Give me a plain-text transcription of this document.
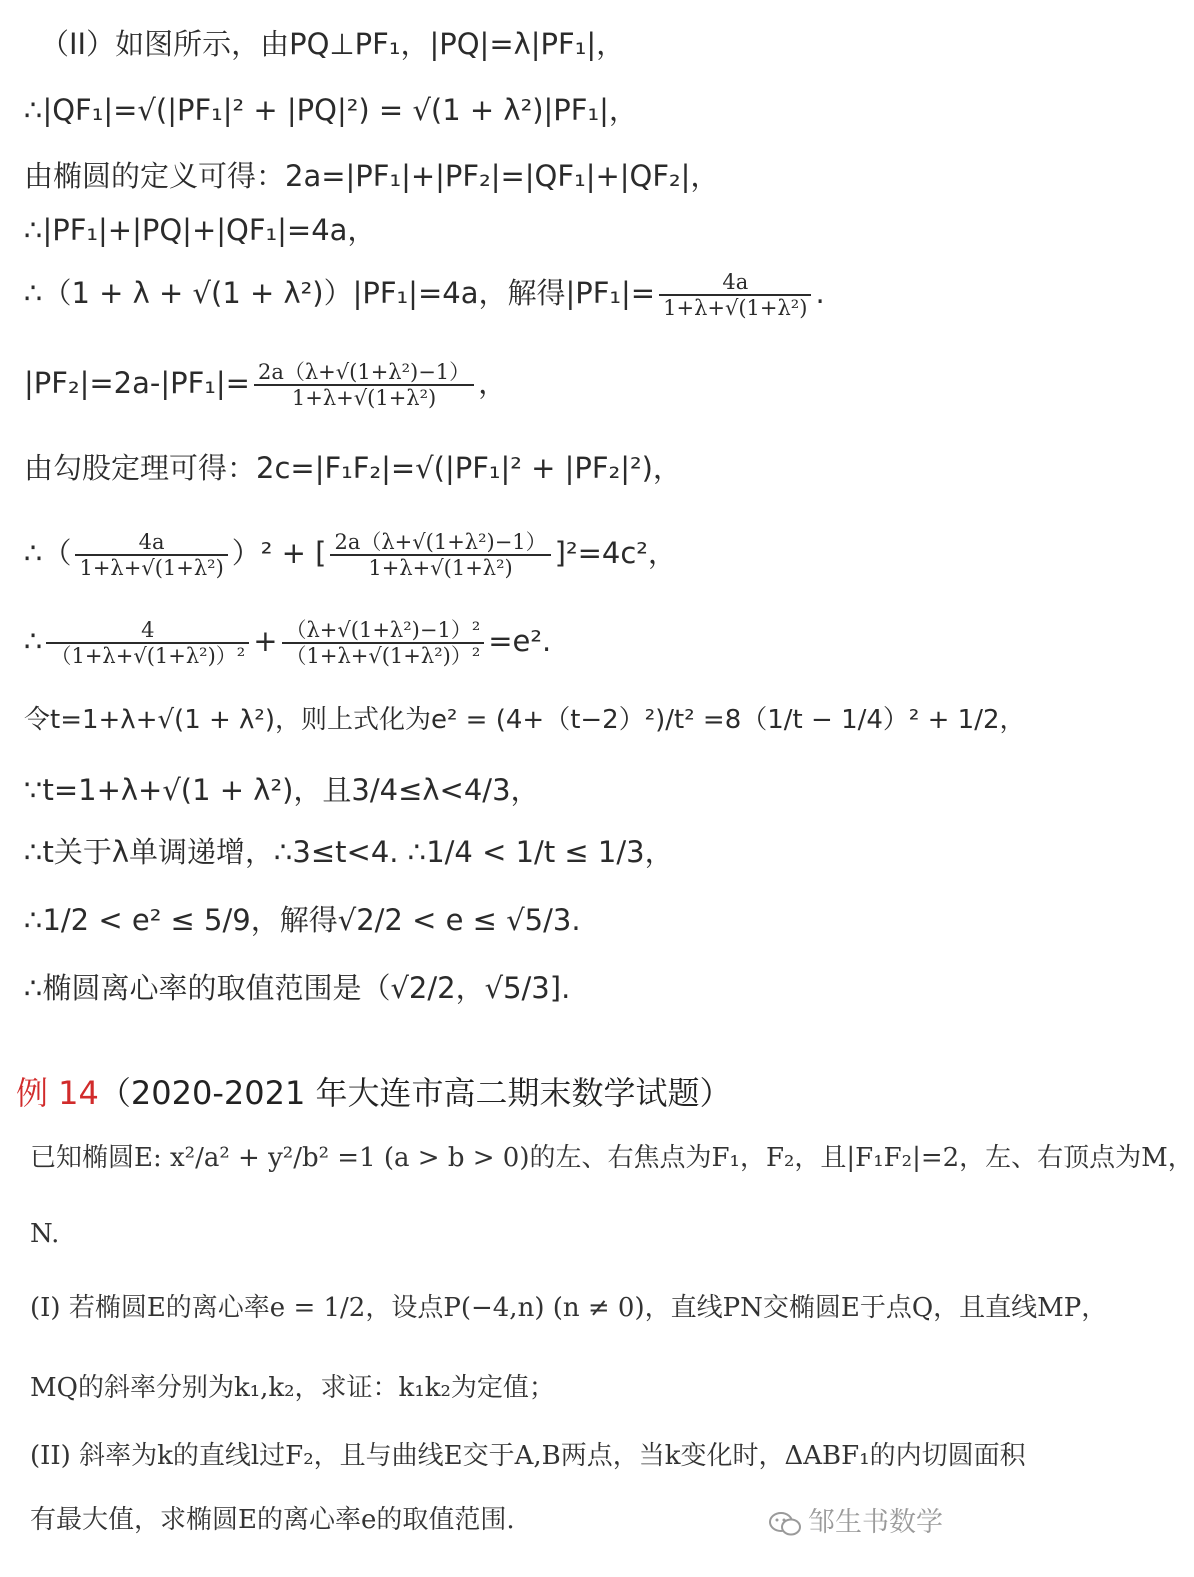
（II）如图所示，由PQ⊥PF₁，|PQ|=λ|PF₁|，
∴|QF₁|=√(|PF₁|² + |PQ|²) = √(1 + λ²)|PF₁|，
由椭圆的定义可得：2a=|PF₁|+|PF₂|=|QF₁|+|QF₂|，
∴|PF₁|+|PQ|+|QF₁|=4a，
∴（1 + λ + √(1 + λ²)）|PF₁|=4a，解得$|PF_1|= \frac{4a}{\text{1+λ+√(1+λ²)}}$ .
$|PF_2|=2a-|PF_1|= \frac{\text{2a（λ+√(1+λ²)−1）}}{\text{1+λ+√(1+λ²)}}$ ，
由勾股定理可得：2c=|F₁F₂|=√(|PF₁|² + |PF₂|²)，
∴（ $\frac{4a}{\text{1+λ+√(1+λ²)}} )^2$ + [ $\frac{\text{2a（λ+√(1+λ²)−1）}}{\text{1+λ+√(1+λ²)}} ]^2=4c^2$，
∴ $\frac{4}{\text{（1+λ+√(1+λ²)）²}} + \frac{\text{（λ+√(1+λ²)−1）²}}{\text{（1+λ+√(1+λ²)）²}} =e^2$.
令t=1+λ+√(1 + λ²)，则上式化为e² = (4+（t−2）²)/t² =8（1/t − 1/4）² + 1/2，
∵t=1+λ+√(1 + λ²)，且3/4≤λ<4/3，
∴t关于λ单调递增，∴3≤t<4. ∴1/4 < 1/t ≤ 1/3，
∴1/2 < e² ≤ 5/9，解得√2/2 < e ≤ √5/3.
∴椭圆离心率的取值范围是（√2/2，√5/3].
例 14（2020-2021 年大连市高二期末数学试题）
已知椭圆E: x²/a² + y²/b² =1 (a > b > 0)的左、右焦点为F₁，F₂，且|F₁F₂|=2，左、右顶点为M，
N.
(I) 若椭圆E的离心率e = 1/2，设点P(−4,n) (n ≠ 0)，直线PN交椭圆E于点Q，且直线MP，
MQ的斜率分别为k₁,k₂，求证：k₁k₂为定值；
(II) 斜率为k的直线l过F₂，且与曲线E交于A,B两点，当k变化时，ΔABF₁的内切圆面积
有最大值，求椭圆E的离心率e的取值范围.	邹生书数学
